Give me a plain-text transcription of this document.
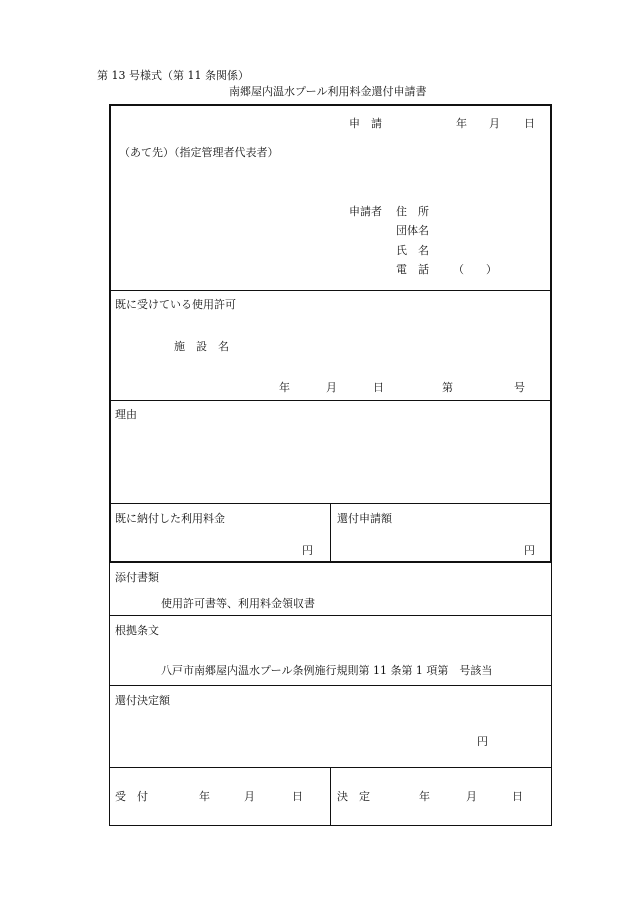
第 13 号様式（第 11 条関係）
南郷屋内温水プール利用料金還付申請書
申　請	年 月 日
（あて先）（指定管理者代表者）
申請者 住　所
団体名
氏　名
電　話 （　　）
既に受けている使用許可
施　設　名
年	月	日	第	号
理由
既に納付した利用料金
円
還付申請額
円
添付書類
使用許可書等、利用料金領収書
根拠条文
八戸市南郷屋内温水プール条例施行規則第 11 条第 1 項第　号該当
還付決定額
円
受　付	年	月	日	決　定	年	月	日
